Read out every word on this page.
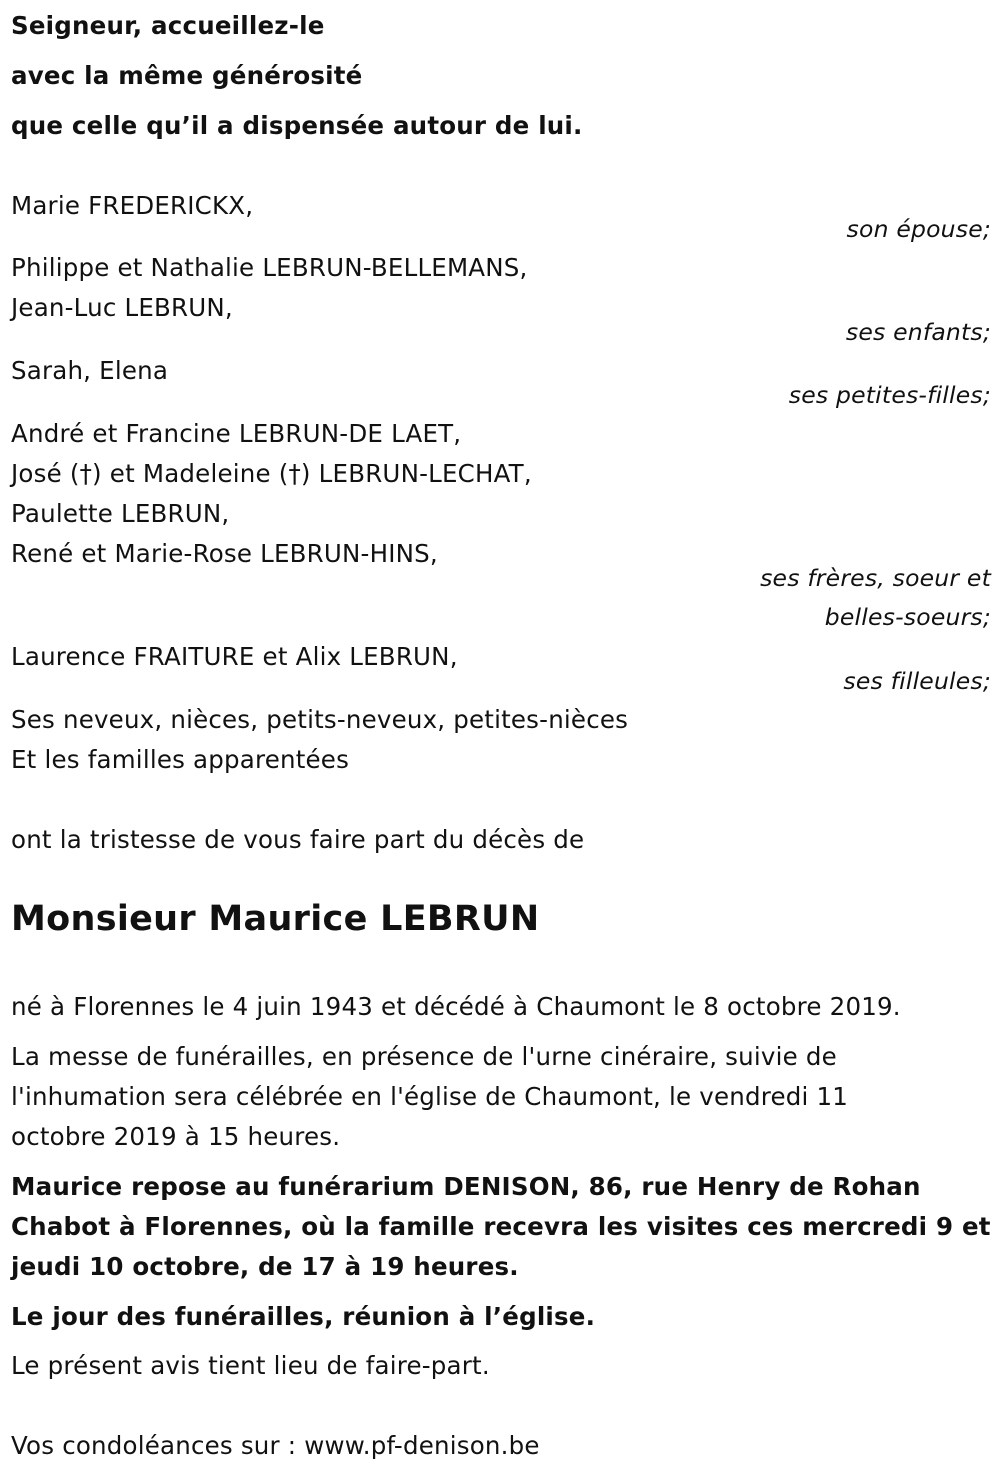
Seigneur, accueillez-le
avec la même générosité
que celle qu’il a dispensée autour de lui.
Marie FREDERICKX,
son épouse;
Philippe et Nathalie LEBRUN-BELLEMANS,
Jean-Luc LEBRUN,
ses enfants;
Sarah, Elena
ses petites-filles;
André et Francine LEBRUN-DE LAET,
José (†) et Madeleine (†) LEBRUN-LECHAT,
Paulette LEBRUN,
René et Marie-Rose LEBRUN-HINS,
ses frères, soeur et
belles-soeurs;
Laurence FRAITURE et Alix LEBRUN,
ses filleules;
Ses neveux, nièces, petits-neveux, petites-nièces
Et les familles apparentées
ont la tristesse de vous faire part du décès de
Monsieur Maurice LEBRUN
né à Florennes le 4 juin 1943 et décédé à Chaumont le 8 octobre 2019.
La messe de funérailles, en présence de l'urne cinéraire, suivie de
l'inhumation sera célébrée en l'église de Chaumont, le vendredi 11
octobre 2019 à 15 heures.
Maurice repose au funérarium DENISON, 86, rue Henry de Rohan
Chabot à Florennes, où la famille recevra les visites ces mercredi 9 et
jeudi 10 octobre, de 17 à 19 heures.
Le jour des funérailles, réunion à l’église.
Le présent avis tient lieu de faire-part.
Vos condoléances sur : www.pf-denison.be
